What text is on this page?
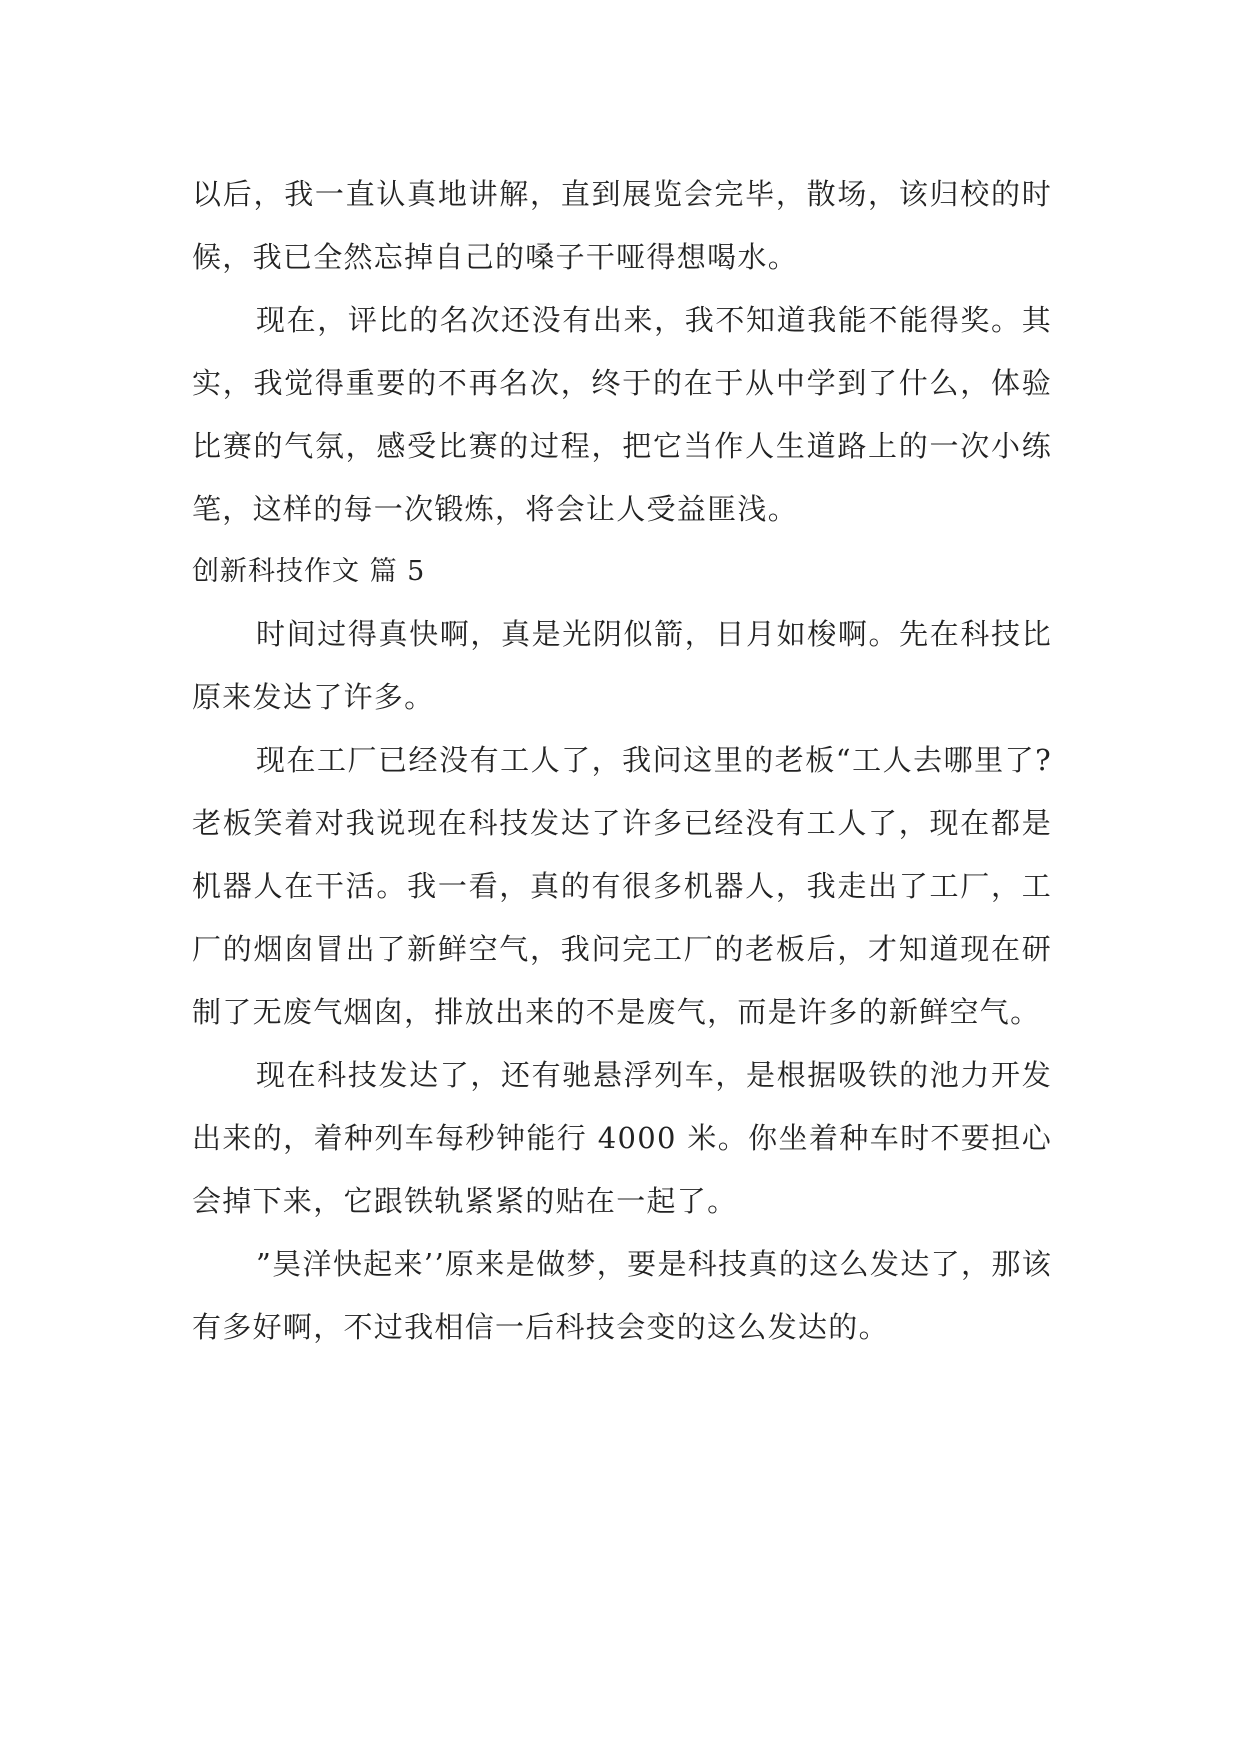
以后，我一直认真地讲解，直到展览会完毕，散场，该归校的时候，我已全然忘掉自己的嗓子干哑得想喝水。

现在，评比的名次还没有出来，我不知道我能不能得奖。其实，我觉得重要的不再名次，终于的在于从中学到了什么，体验比赛的气氛，感受比赛的过程，把它当作人生道路上的一次小练笔，这样的每一次锻炼，将会让人受益匪浅。

创新科技作文 篇 5

时间过得真快啊，真是光阴似箭，日月如梭啊。先在科技比原来发达了许多。

现在工厂已经没有工人了，我问这里的老板“工人去哪里了?老板笑着对我说现在科技发达了许多已经没有工人了，现在都是机器人在干活。我一看，真的有很多机器人，我走出了工厂，工厂的烟囱冒出了新鲜空气，我问完工厂的老板后，才知道现在研制了无废气烟囱，排放出来的不是废气，而是许多的新鲜空气。

现在科技发达了，还有驰悬浮列车，是根据吸铁的池力开发出来的，着种列车每秒钟能行 4000 米。你坐着种车时不要担心会掉下来，它跟铁轨紧紧的贴在一起了。

”昊洋快起来’’原来是做梦，要是科技真的这么发达了，那该有多好啊，不过我相信一后科技会变的这么发达的。
